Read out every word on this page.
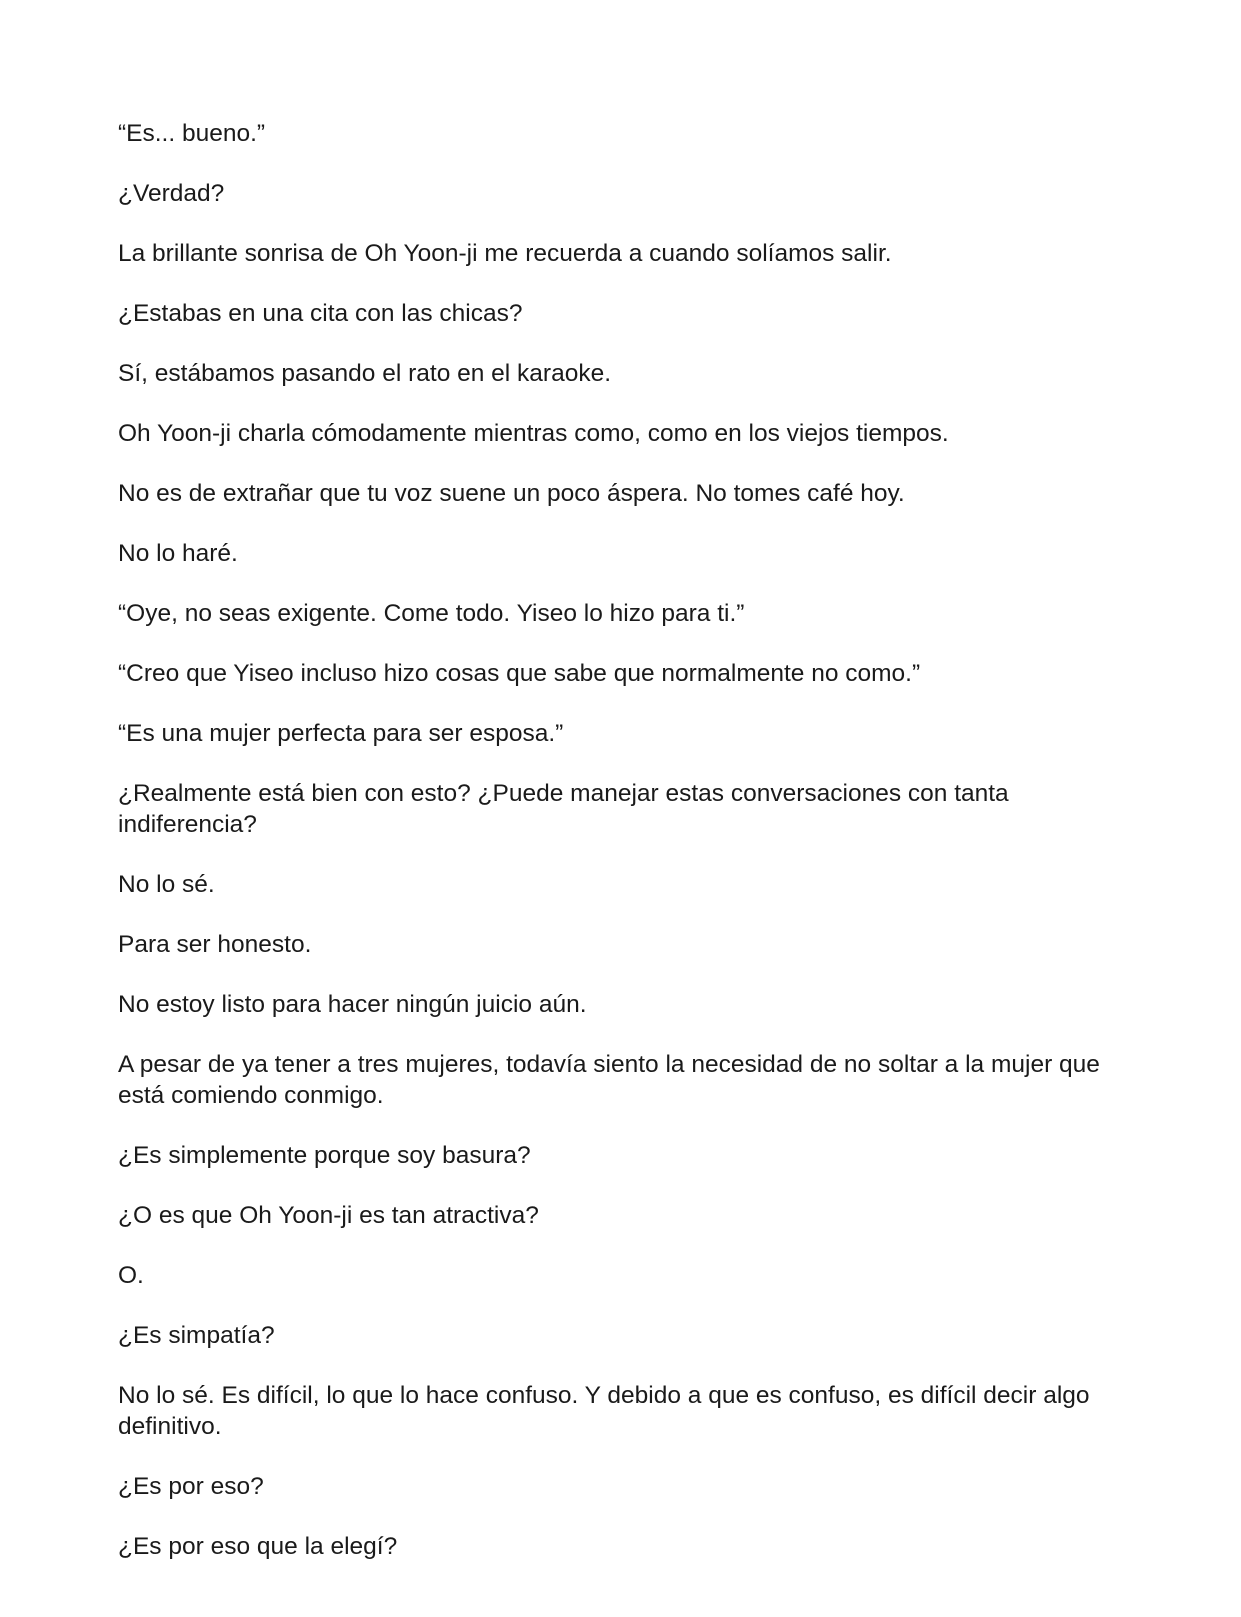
“Es... bueno.”

¿Verdad?

La brillante sonrisa de Oh Yoon-ji me recuerda a cuando solíamos salir.

¿Estabas en una cita con las chicas?

Sí, estábamos pasando el rato en el karaoke.

Oh Yoon-ji charla cómodamente mientras como, como en los viejos tiempos.

No es de extrañar que tu voz suene un poco áspera. No tomes café hoy.

No lo haré.

“Oye, no seas exigente. Come todo. Yiseo lo hizo para ti.”

“Creo que Yiseo incluso hizo cosas que sabe que normalmente no como.”

“Es una mujer perfecta para ser esposa.”

¿Realmente está bien con esto? ¿Puede manejar estas conversaciones con tanta indiferencia?

No lo sé.

Para ser honesto.

No estoy listo para hacer ningún juicio aún.

A pesar de ya tener a tres mujeres, todavía siento la necesidad de no soltar a la mujer que está comiendo conmigo.

¿Es simplemente porque soy basura?

¿O es que Oh Yoon-ji es tan atractiva?

O.

¿Es simpatía?

No lo sé. Es difícil, lo que lo hace confuso. Y debido a que es confuso, es difícil decir algo definitivo.

¿Es por eso?

¿Es por eso que la elegí?
